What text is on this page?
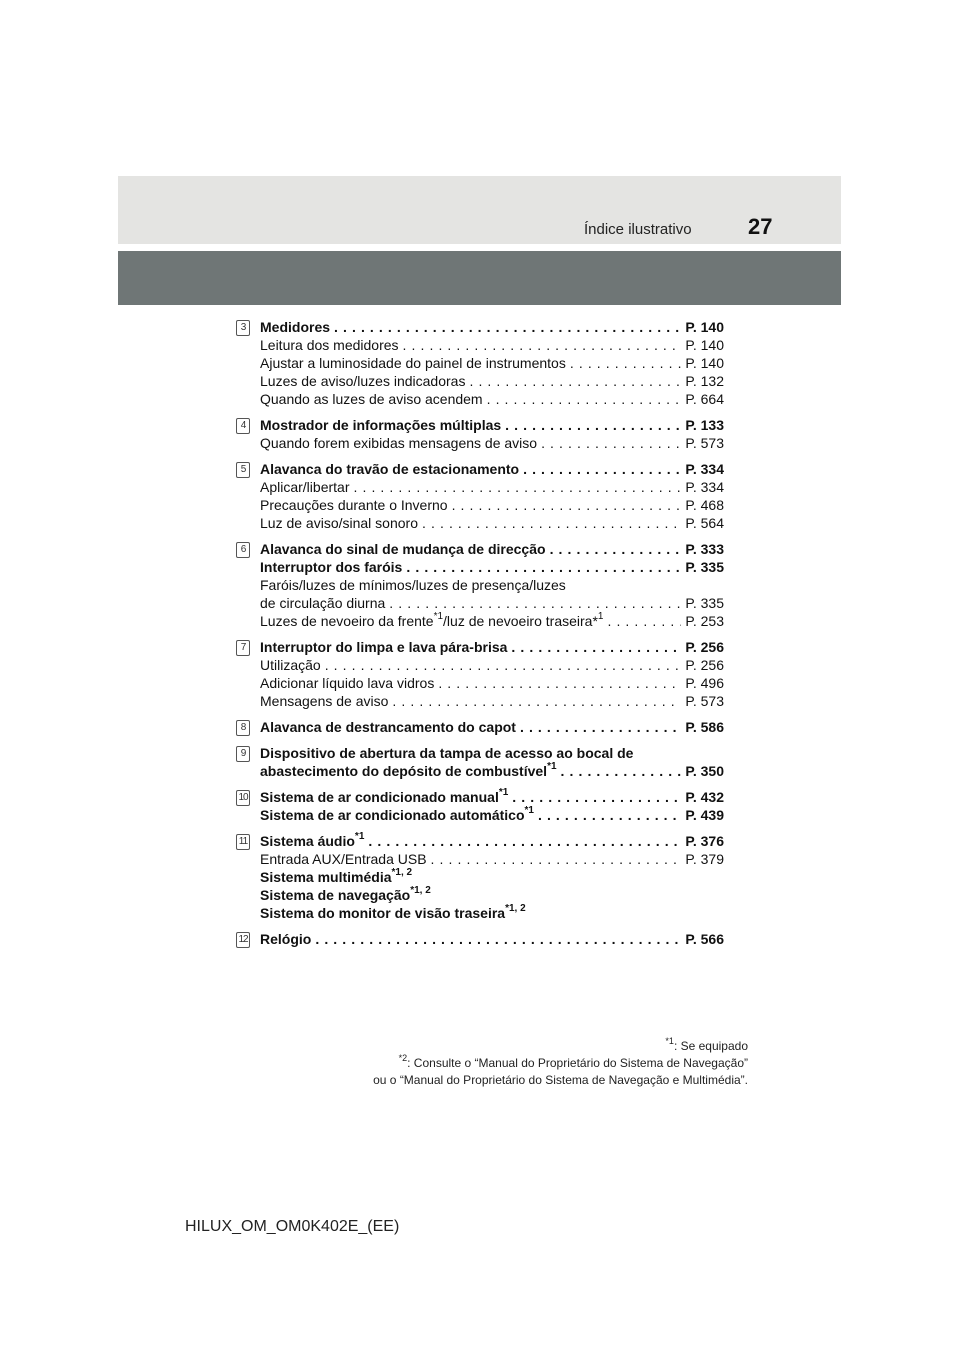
Índice ilustrativo	27
3	Medidores . . .	P. 140
Leitura dos medidores . . .	P. 140
Ajustar a luminosidade do painel de instrumentos . . .	P. 140
Luzes de aviso/luzes indicadoras . . .	P. 132
Quando as luzes de aviso acendem . . .	P. 664
4	Mostrador de informações múltiplas . . .	P. 133
Quando forem exibidas mensagens de aviso . . .	P. 573
5	Alavanca do travão de estacionamento . . .	P. 334
Aplicar/libertar . . .	P. 334
Precauções durante o Inverno . . .	P. 468
Luz de aviso/sinal sonoro . . .	P. 564
6	Alavanca do sinal de mudança de direcção . . .	P. 333
Interruptor dos faróis . . .	P. 335
Faróis/luzes de mínimos/luzes de presença/luzes
de circulação diurna . . .	P. 335
Luzes de nevoeiro da frente$^{*1}$/luz de nevoeiro traseira*$^1$ . . .	P. 253
7	Interruptor do limpa e lava pára-brisa . . .	P. 256
Utilização . . .	P. 256
Adicionar líquido lava vidros . . .	P. 496
Mensagens de aviso . . .	P. 573
8	Alavanca de destrancamento do capot . . .	P. 586
9	Dispositivo de abertura da tampa de acesso ao bocal de
abastecimento do depósito de combustível$^{*1}$ . . .	P. 350
10 Sistema de ar condicionado manual$^{*1}$ . . .	P. 432
Sistema de ar condicionado automático$^{*1}$ . . .	P. 439
11 Sistema áudio$^{*1}$ . . .	P. 376
Entrada AUX/Entrada USB . . .	P. 379
Sistema multimédia$^{*1, 2}$
Sistema de navegação$^{*1, 2}$
Sistema do monitor de visão traseira$^{*1, 2}$
12 Relógio . . .	P. 566
$^{*1}$: Se equipado
$^{*2}$: Consulte o “Manual do Proprietário do Sistema de Navegação”
ou o “Manual do Proprietário do Sistema de Navegação e Multimédia”.
HILUX_OM_OM0K402E_(EE)
